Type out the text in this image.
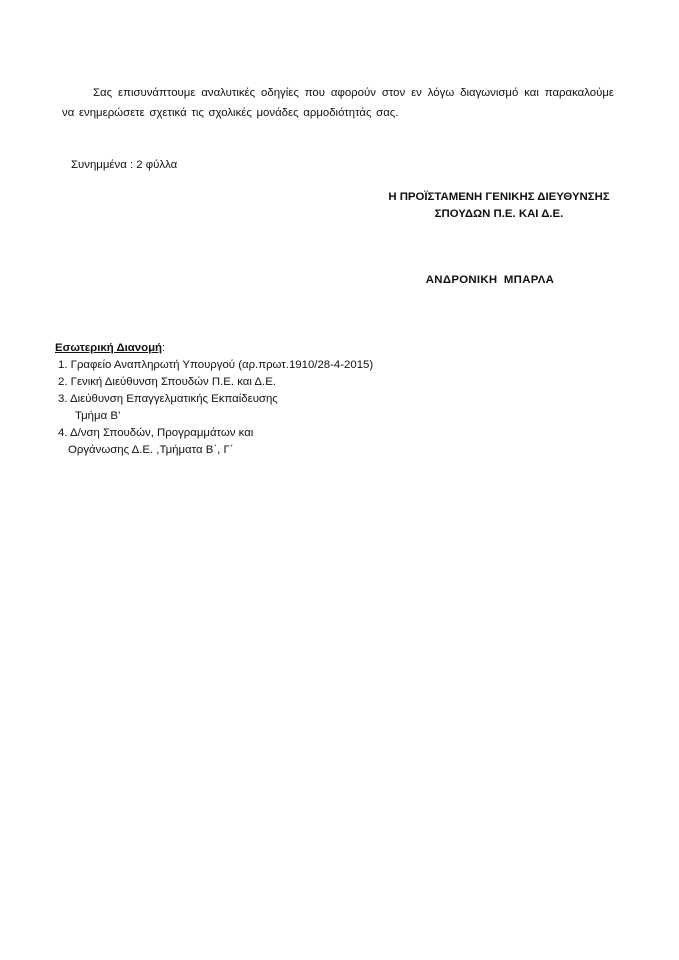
Σας επισυνάπτουμε αναλυτικές οδηγίες που αφορούν στον εν λόγω διαγωνισμό και παρακαλούμε να ενημερώσετε σχετικά τις σχολικές μονάδες αρμοδιότητάς σας.

Συνημμένα : 2 φύλλα

Η ΠΡΟΪΣΤΑΜΕΝΗ ΓΕΝΙΚΗΣ ΔΙΕΥΘΥΝΣΗΣ
ΣΠΟΥΔΩΝ Π.Ε. ΚΑΙ Δ.Ε.

ΑΝΔΡΟΝΙΚΗ ΜΠΑΡΛΑ

Εσωτερική Διανομή:
1. Γραφείο Αναπληρωτή Υπουργού (αρ.πρωτ.1910/28-4-2015)
2. Γενική Διεύθυνση Σπουδών Π.Ε. και Δ.Ε.
3. Διεύθυνση Επαγγελματικής Εκπαίδευσης
Τμήμα Β’
4. Δ/νση Σπουδών, Προγραμμάτων και
Οργάνωσης Δ.Ε. ,Τμήματα Β΄, Γ΄
